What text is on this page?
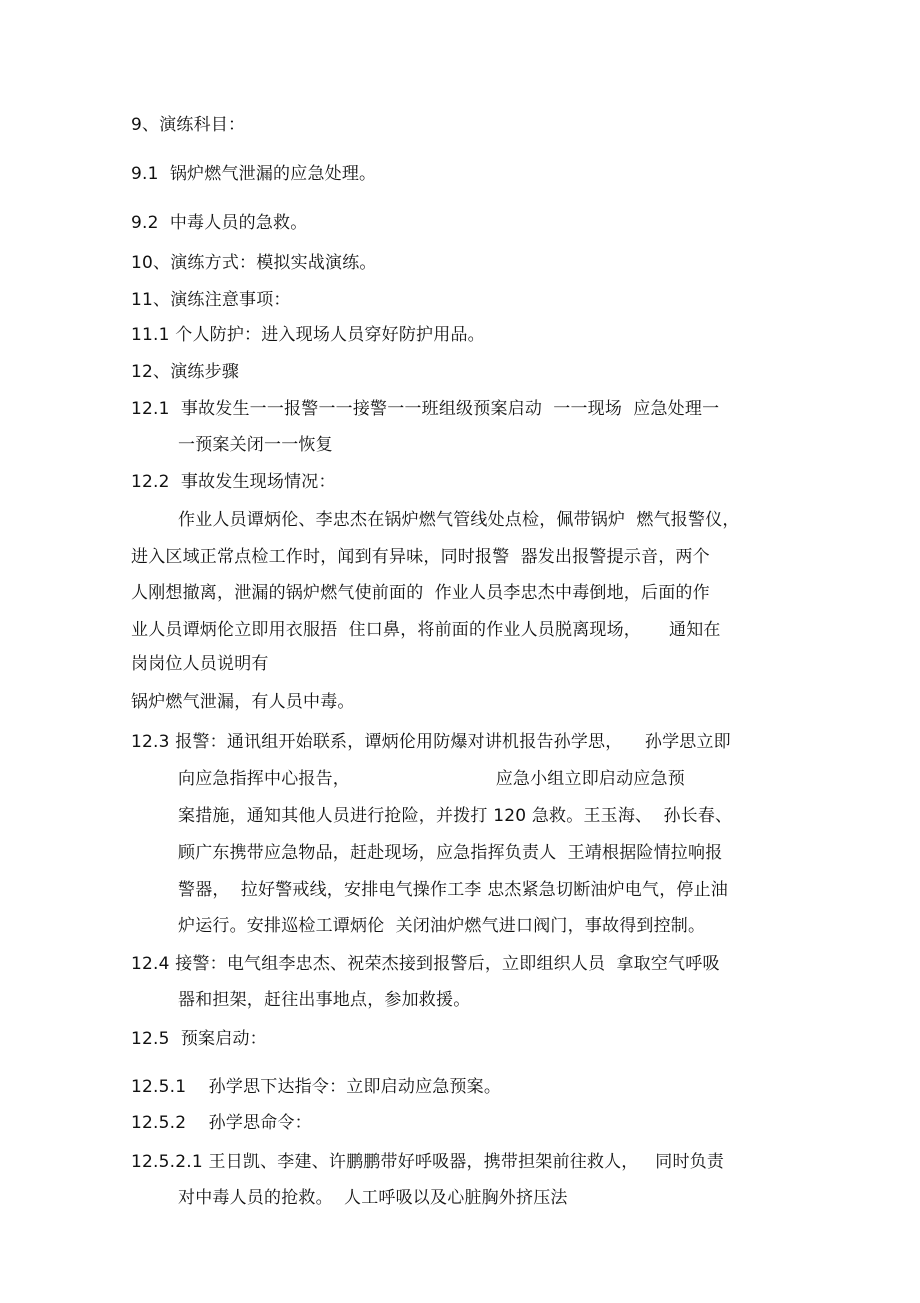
9、演练科目：
9.1  锅炉燃气泄漏的应急处理。
9.2  中毒人员的急救。
10、演练方式：模拟实战演练。
11、演练注意事项：
11.1 个人防护：进入现场人员穿好防护用品。
12、演练步骤
12.1  事故发生一一报警一一接警一一班组级预案启动  一一现场  应急处理一
一预案关闭一一恢复
12.2  事故发生现场情况：
作业人员谭炳伦、李忠杰在锅炉燃气管线处点检，佩带锅炉  燃气报警仪，
进入区域正常点检工作时，闻到有异味，同时报警  器发出报警提示音，两个
人刚想撤离，泄漏的锅炉燃气使前面的  作业人员李忠杰中毒倒地，后面的作
业人员谭炳伦立即用衣服捂  住口鼻，将前面的作业人员脱离现场，     通知在
岗岗位人员说明有
锅炉燃气泄漏，有人员中毒。
12.3 报警：通讯组开始联系，谭炳伦用防爆对讲机报告孙学思，    孙学思立即
向应急指挥中心报告，                          应急小组立即启动应急预
案措施，通知其他人员进行抢险，并拨打 120 急救。王玉海、  孙长春、
顾广东携带应急物品，赶赴现场，应急指挥负责人  王靖根据险情拉响报
警器，  拉好警戒线，安排电气操作工李 忠杰紧急切断油炉电气，停止油
炉运行。安排巡检工谭炳伦  关闭油炉燃气进口阀门，事故得到控制。
12.4 接警：电气组李忠杰、祝荣杰接到报警后，立即组织人员  拿取空气呼吸
器和担架，赶往出事地点，参加救援。
12.5  预案启动：
12.5.1    孙学思下达指令：立即启动应急预案。
12.5.2    孙学思命令：
12.5.2.1 王日凯、李建、许鹏鹏带好呼吸器，携带担架前往救人，   同时负责
对中毒人员的抢救。  人工呼吸以及心脏胸外挤压法
